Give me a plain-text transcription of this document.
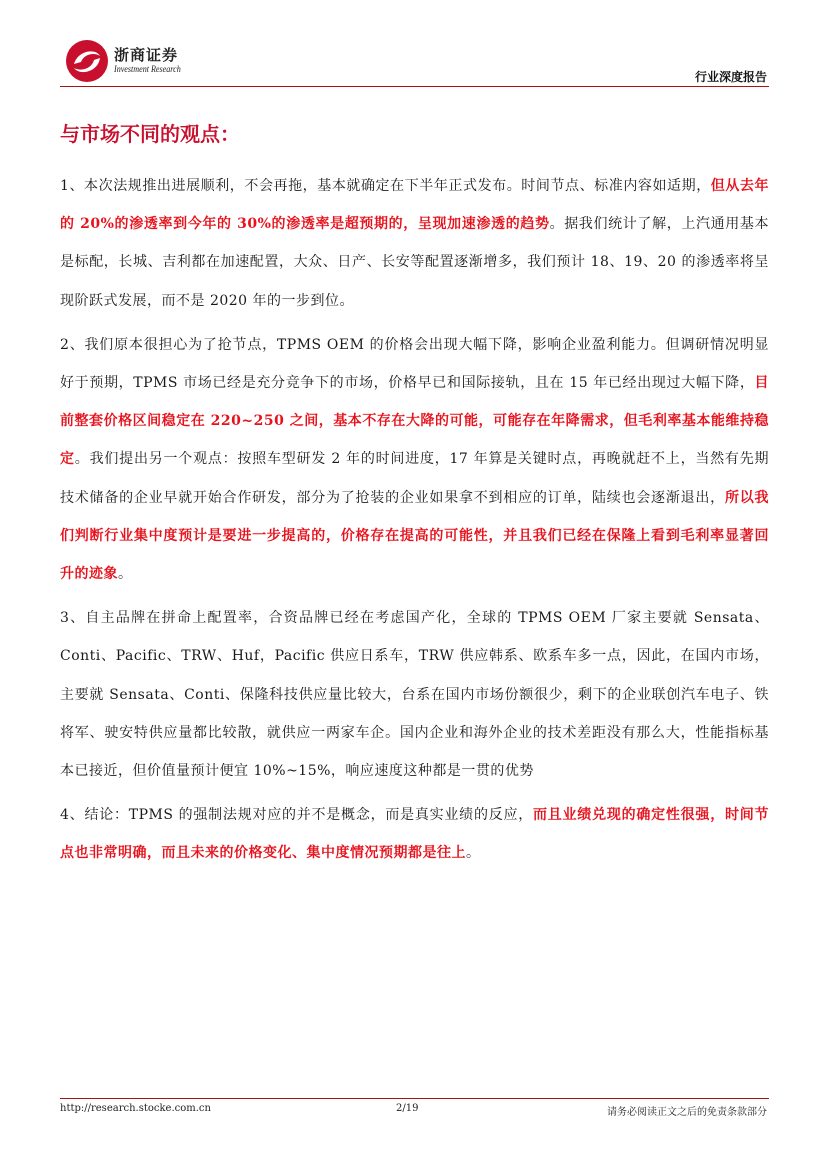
浙商证券
Investment Research	行业深度报告
与市场不同的观点：

1、本次法规推出进展顺利，不会再拖，基本就确定在下半年正式发布。时间节点、标准内容如适期，但从去年的 20%的渗透率到今年的 30%的渗透率是超预期的，呈现加速渗透的趋势。据我们统计了解，上汽通用基本是标配，长城、吉利都在加速配置，大众、日产、长安等配置逐渐增多，我们预计 18、19、20 的渗透率将呈现阶跃式发展，而不是 2020 年的一步到位。

2、我们原本很担心为了抢节点，TPMS OEM 的价格会出现大幅下降，影响企业盈利能力。但调研情况明显好于预期，TPMS 市场已经是充分竞争下的市场，价格早已和国际接轨，且在 15 年已经出现过大幅下降，目前整套价格区间稳定在 220~250 之间，基本不存在大降的可能，可能存在年降需求，但毛利率基本能维持稳定。我们提出另一个观点：按照车型研发 2 年的时间进度，17 年算是关键时点，再晚就赶不上，当然有先期技术储备的企业早就开始合作研发，部分为了抢装的企业如果拿不到相应的订单，陆续也会逐渐退出，所以我们判断行业集中度预计是要进一步提高的，价格存在提高的可能性，并且我们已经在保隆上看到毛利率显著回升的迹象。

3、自主品牌在拼命上配置率，合资品牌已经在考虑国产化，全球的 TPMS OEM 厂家主要就 Sensata、Conti、Pacific、TRW、Huf，Pacific 供应日系车，TRW 供应韩系、欧系车多一点，因此，在国内市场，主要就 Sensata、Conti、保隆科技供应量比较大，台系在国内市场份额很少，剩下的企业联创汽车电子、铁将军、驶安特供应量都比较散，就供应一两家车企。国内企业和海外企业的技术差距没有那么大，性能指标基本已接近，但价值量预计便宜 10%~15%，响应速度这种都是一贯的优势

4、结论：TPMS 的强制法规对应的并不是概念，而是真实业绩的反应，而且业绩兑现的确定性很强，时间节点也非常明确，而且未来的价格变化、集中度情况预期都是往上。

http://research.stocke.com.cn	2/19	请务必阅读正文之后的免责条款部分
